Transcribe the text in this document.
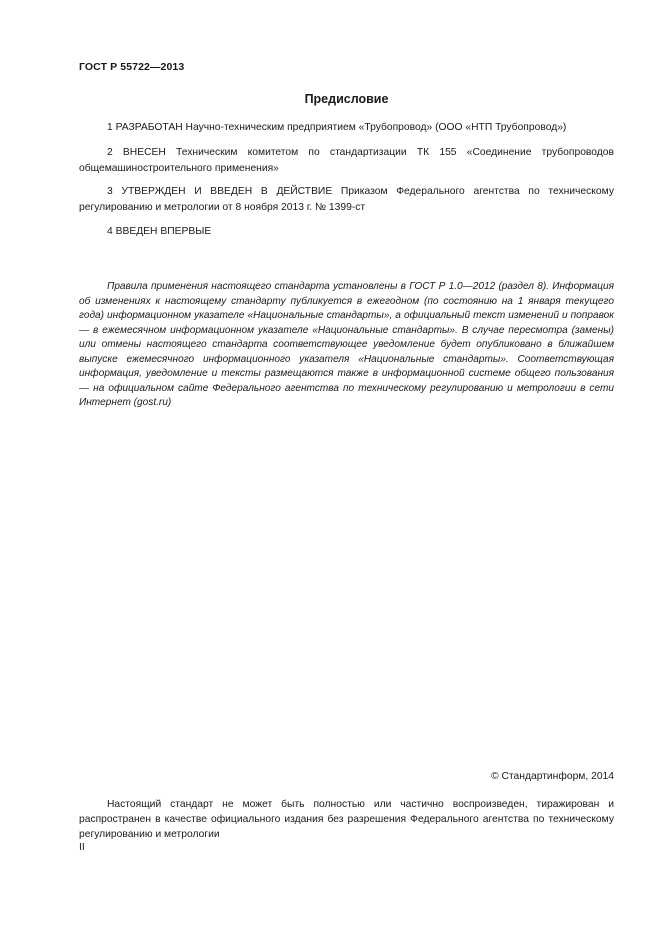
ГОСТ Р 55722—2013
Предисловие

1 РАЗРАБОТАН Научно-техническим предприятием «Трубопровод» (ООО «НТП Трубопровод»)

2 ВНЕСЕН Техническим комитетом по стандартизации ТК 155 «Соединение трубопроводов общемашиностроительного применения»

3 УТВЕРЖДЕН И ВВЕДЕН В ДЕЙСТВИЕ Приказом Федерального агентства по техническому регулированию и метрологии от 8 ноября 2013 г. № 1399-ст

4 ВВЕДЕН ВПЕРВЫЕ

Правила применения настоящего стандарта установлены в ГОСТ Р 1.0—2012 (раздел 8). Информация об изменениях к настоящему стандарту публикуется в ежегодном (по состоянию на 1 января текущего года) информационном указателе «Национальные стандарты», а официальный текст изменений и поправок — в ежемесячном информационном указателе «Национальные стандарты». В случае пересмотра (замены) или отмены настоящего стандарта соответствующее уведомление будет опубликовано в ближайшем выпуске ежемесячного информационного указателя «Национальные стандарты». Соответствующая информация, уведомление и тексты размещаются также в информационной системе общего пользования — на официальном сайте Федерального агентства по техническому регулированию и метрологии в сети Интернет (gost.ru)

© Стандартинформ, 2014

Настоящий стандарт не может быть полностью или частично воспроизведен, тиражирован и распространен в качестве официального издания без разрешения Федерального агентства по техническому регулированию и метрологии

II
